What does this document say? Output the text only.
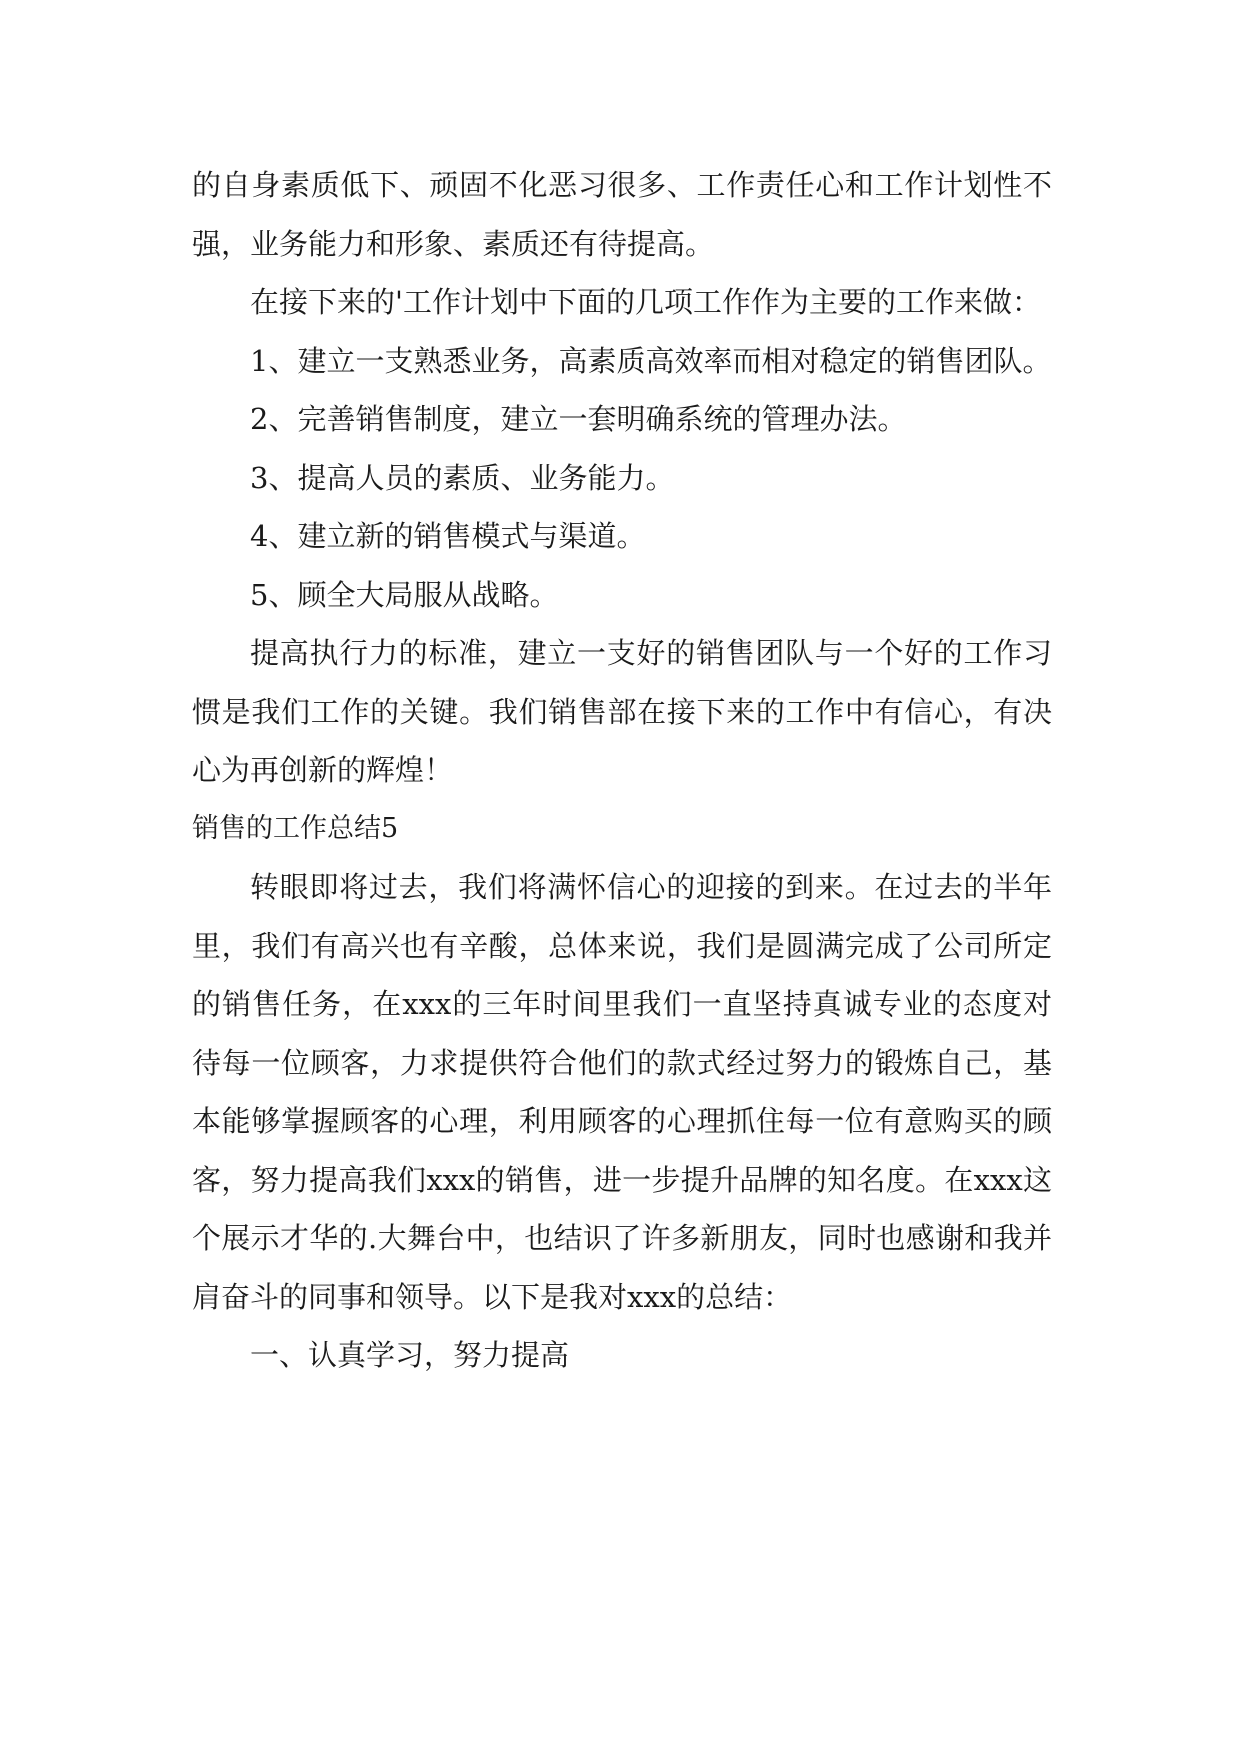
的自身素质低下、顽固不化恶习很多、工作责任心和工作计划性不强，业务能力和形象、素质还有待提高。

在接下来的'工作计划中下面的几项工作作为主要的工作来做：

1、建立一支熟悉业务，高素质高效率而相对稳定的销售团队。

2、完善销售制度，建立一套明确系统的管理办法。

3、提高人员的素质、业务能力。

4、建立新的销售模式与渠道。

5、顾全大局服从战略。

提高执行力的标准，建立一支好的销售团队与一个好的工作习惯是我们工作的关键。我们销售部在接下来的工作中有信心，有决心为再创新的辉煌！

销售的工作总结5

转眼即将过去，我们将满怀信心的迎接的到来。在过去的半年里，我们有高兴也有辛酸，总体来说，我们是圆满完成了公司所定的销售任务，在xxx的三年时间里我们一直坚持真诚专业的态度对待每一位顾客，力求提供符合他们的款式经过努力的锻炼自己，基本能够掌握顾客的心理，利用顾客的心理抓住每一位有意购买的顾客，努力提高我们xxx的销售，进一步提升品牌的知名度。在xxx这个展示才华的.大舞台中，也结识了许多新朋友，同时也感谢和我并肩奋斗的同事和领导。以下是我对xxx的总结：

一、认真学习，努力提高
